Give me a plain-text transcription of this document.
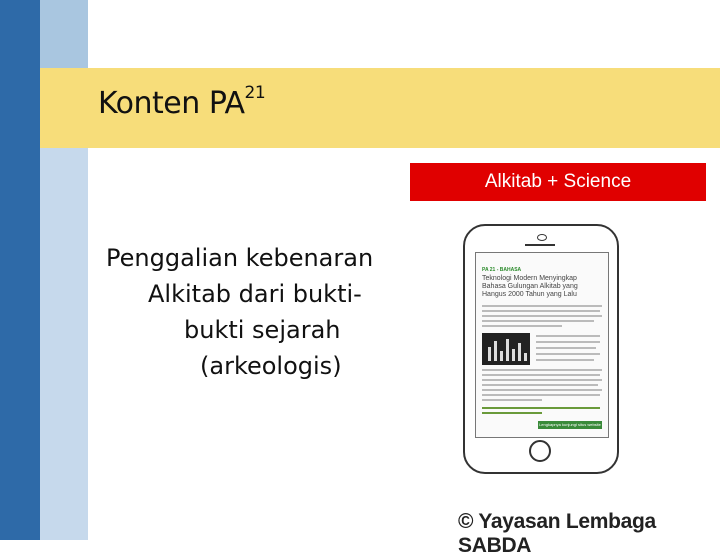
Konten PA$^{21}$
Alkitab + Science
Penggalian kebenaran
Alkitab dari bukti-
bukti sejarah
(arkeologis)
PA 21 - BAHASA
Teknologi Modern Menyingkap Bahasa Gulungan Alkitab yang Hangus 2000 Tahun yang Lalu
Lengkapnya kunjungi situs website
© Yayasan Lembaga SABDA
